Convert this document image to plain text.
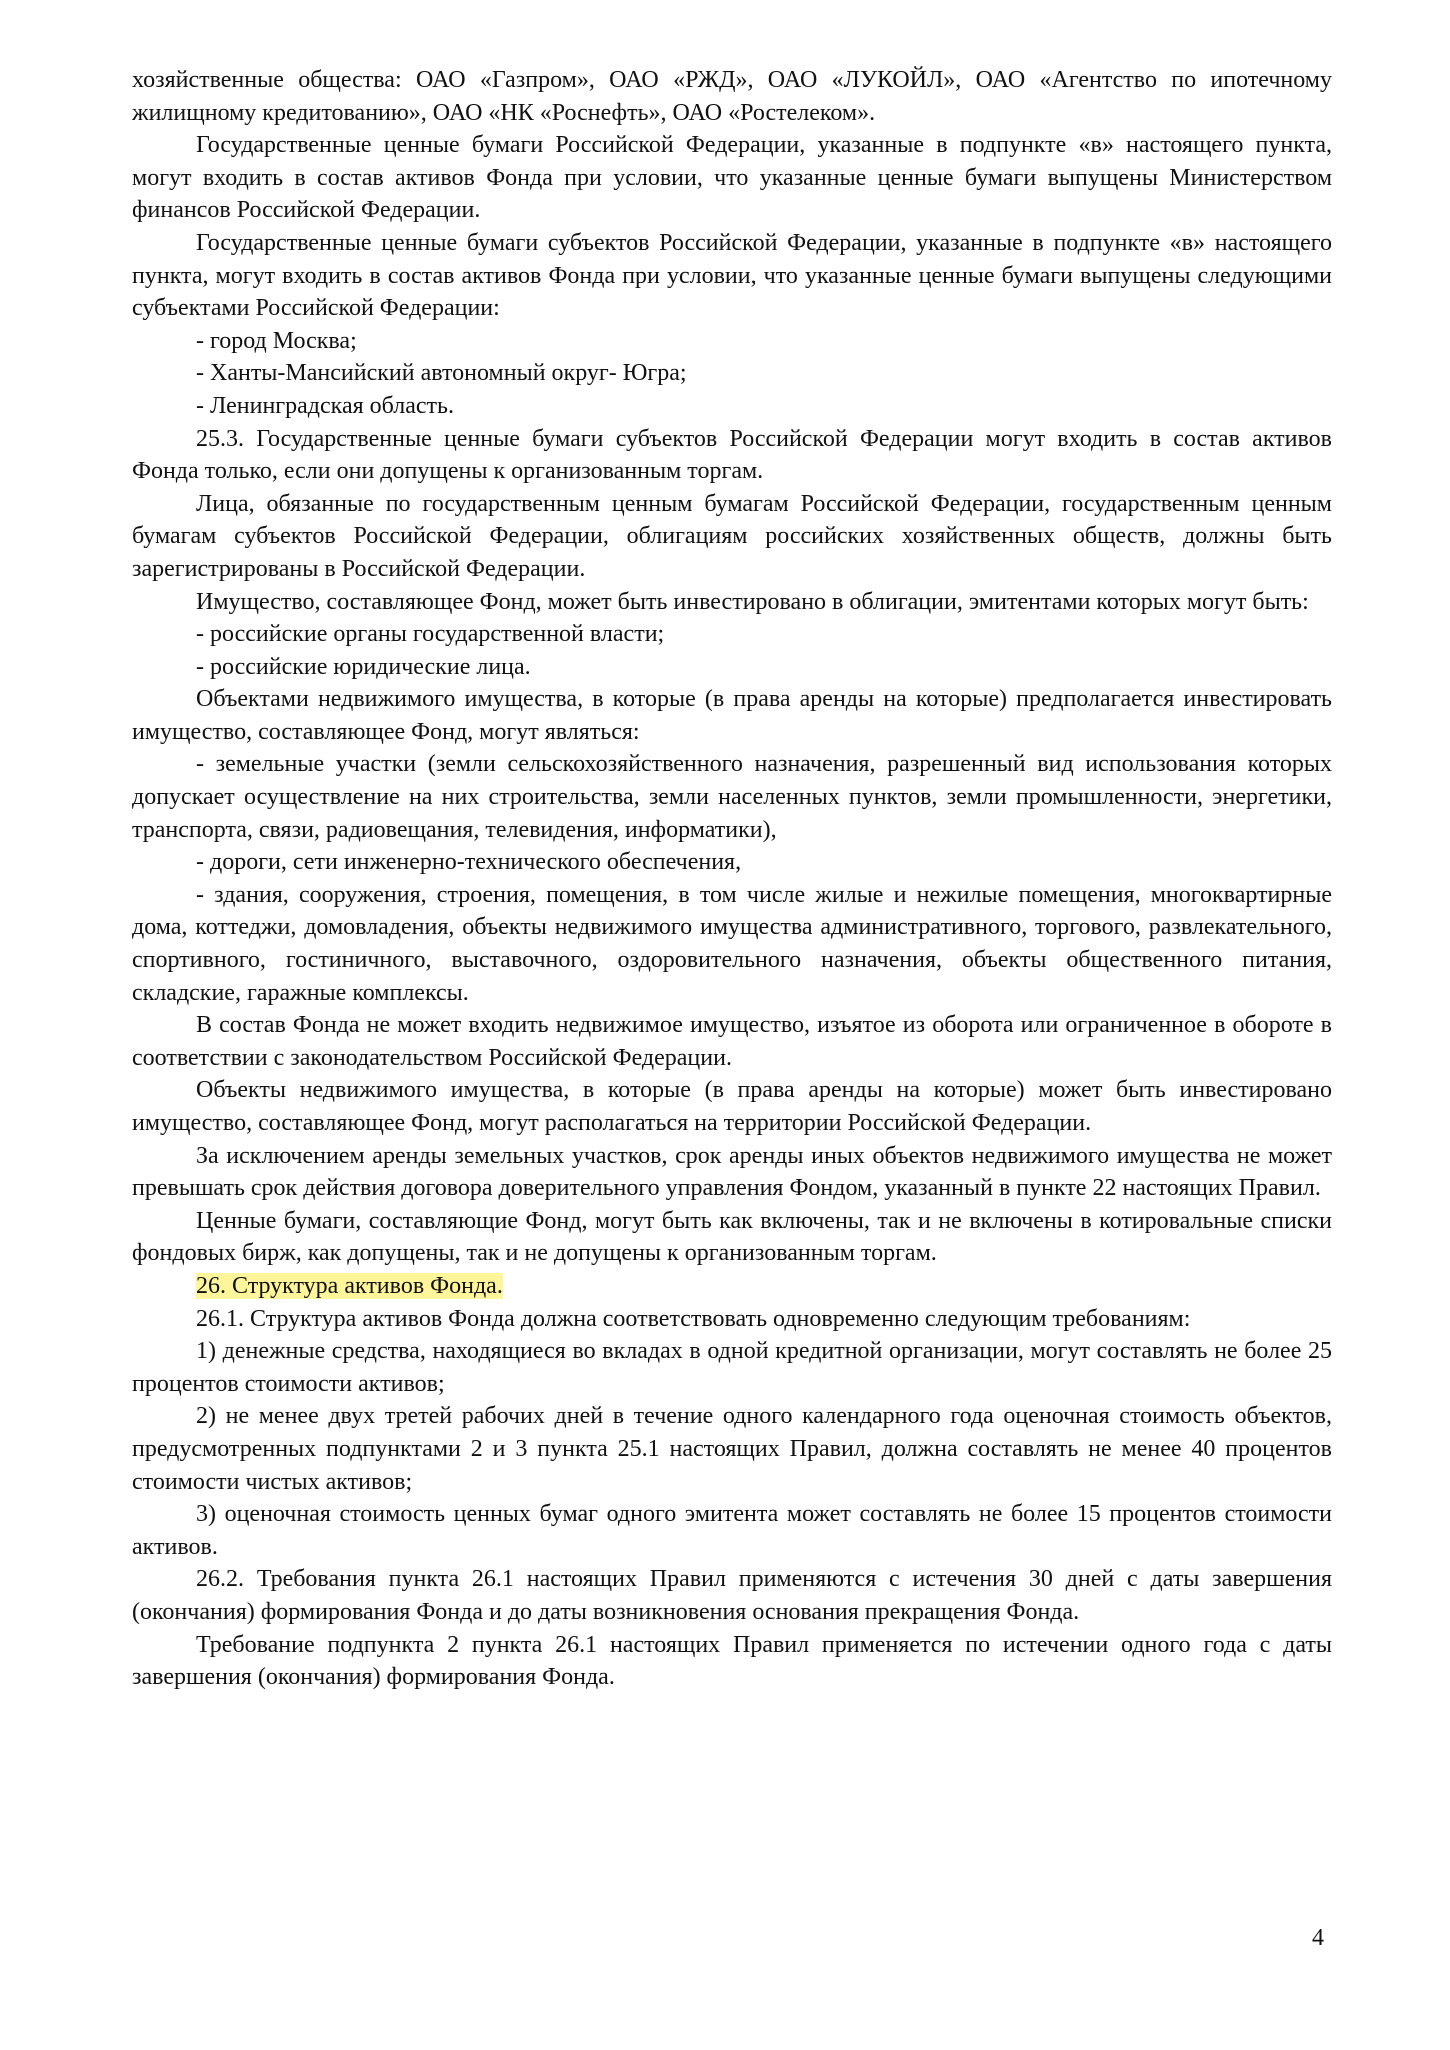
хозяйственные общества: ОАО «Газпром», ОАО «РЖД», ОАО «ЛУКОЙЛ», ОАО «Агентство по ипотечному жилищному кредитованию», ОАО «НК «Роснефть», ОАО «Ростелеком».

Государственные ценные бумаги Российской Федерации, указанные в подпункте «в» настоящего пункта, могут входить в состав активов Фонда при условии, что указанные ценные бумаги выпущены Министерством финансов Российской Федерации.

Государственные ценные бумаги субъектов Российской Федерации, указанные в подпункте «в» настоящего пункта, могут входить в состав активов Фонда при условии, что указанные ценные бумаги выпущены следующими субъектами Российской Федерации:

- город Москва;

- Ханты-Мансийский автономный округ- Югра;

- Ленинградская область.

25.3. Государственные ценные бумаги субъектов Российской Федерации могут входить в состав активов Фонда только, если они допущены к организованным торгам.

Лица, обязанные по государственным ценным бумагам Российской Федерации, государственным ценным бумагам субъектов Российской Федерации, облигациям российских хозяйственных обществ, должны быть зарегистрированы в Российской Федерации.

Имущество, составляющее Фонд, может быть инвестировано в облигации, эмитентами которых могут быть:

- российские органы государственной власти;

- российские юридические лица.

Объектами недвижимого имущества, в которые (в права аренды на которые) предполагается инвестировать имущество, составляющее Фонд, могут являться:

- земельные участки (земли сельскохозяйственного назначения, разрешенный вид использования которых допускает осуществление на них строительства, земли населенных пунктов, земли промышленности, энергетики, транспорта, связи, радиовещания, телевидения, информатики),

- дороги, сети инженерно-технического обеспечения,

- здания, сооружения, строения, помещения, в том числе жилые и нежилые помещения, многоквартирные дома, коттеджи, домовладения, объекты недвижимого имущества административного, торгового, развлекательного, спортивного, гостиничного, выставочного, оздоровительного назначения, объекты общественного питания, складские, гаражные комплексы.

В состав Фонда не может входить недвижимое имущество, изъятое из оборота или ограниченное в обороте в соответствии с законодательством Российской Федерации.

Объекты недвижимого имущества, в которые (в права аренды на которые) может быть инвестировано имущество, составляющее Фонд, могут располагаться на территории Российской Федерации.

За исключением аренды земельных участков, срок аренды иных объектов недвижимого имущества не может превышать срок действия договора доверительного управления Фондом, указанный в пункте 22 настоящих Правил.

Ценные бумаги, составляющие Фонд, могут быть как включены, так и не включены в котировальные списки фондовых бирж, как допущены, так и не допущены к организованным торгам.

26. Структура активов Фонда.

26.1. Структура активов Фонда должна соответствовать одновременно следующим требованиям:

1) денежные средства, находящиеся во вкладах в одной кредитной организации, могут составлять не более 25 процентов стоимости активов;

2) не менее двух третей рабочих дней в течение одного календарного года оценочная стоимость объектов, предусмотренных подпунктами 2 и 3 пункта 25.1 настоящих Правил, должна составлять не менее 40 процентов стоимости чистых активов;

3) оценочная стоимость ценных бумаг одного эмитента может составлять не более 15 процентов стоимости активов.

26.2. Требования пункта 26.1 настоящих Правил применяются с истечения 30 дней с даты завершения (окончания) формирования Фонда и до даты возникновения основания прекращения Фонда.

Требование подпункта 2 пункта 26.1 настоящих Правил применяется по истечении одного года с даты завершения (окончания) формирования Фонда.

4
